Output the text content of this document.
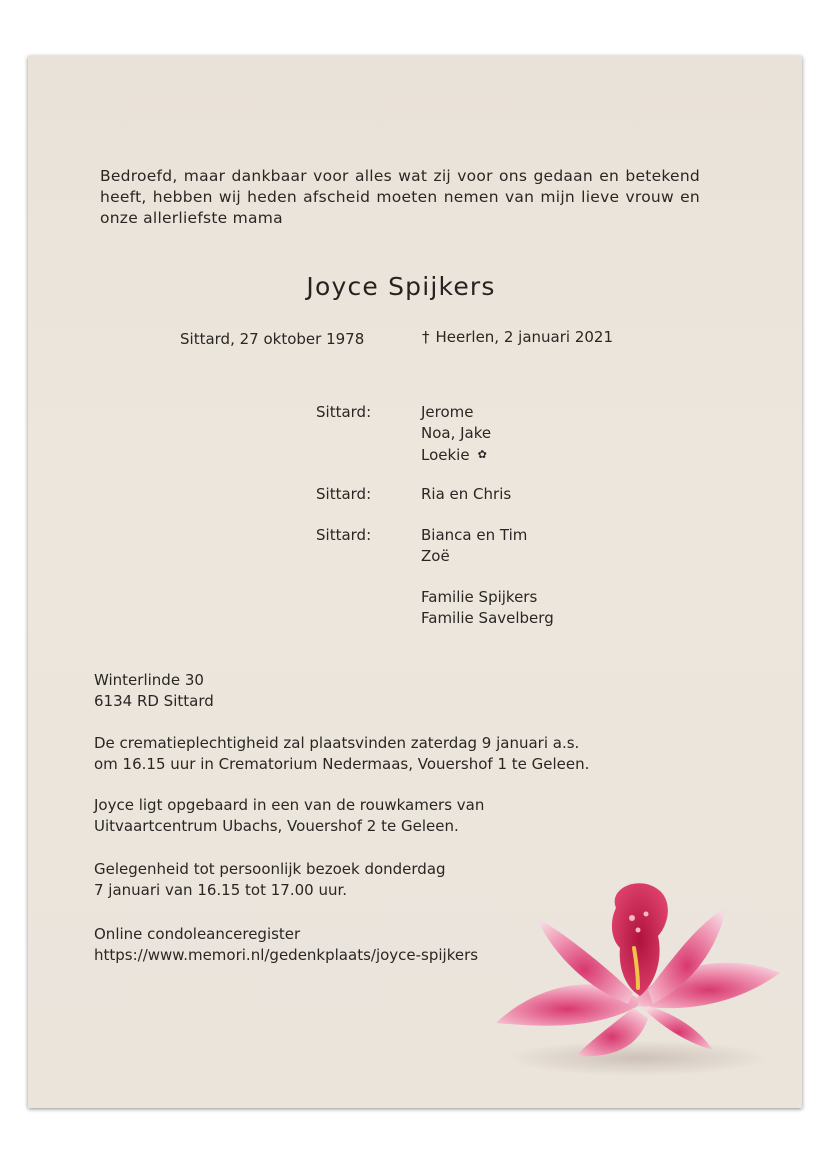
Bedroefd, maar dankbaar voor alles wat zij voor ons gedaan en betekend heeft, hebben wij heden afscheid moeten nemen van mijn lieve vrouw en onze allerliefste mama
Joyce Spijkers
Sittard, 27 oktober 1978	† Heerlen, 2 januari 2021
Sittard:	Jerome
Noa, Jake
Loekie ✿
Sittard:	Ria en Chris
Sittard:	Bianca en Tim
Zoë
Familie Spijkers
Familie Savelberg
Winterlinde 30
6134 RD Sittard
De crematieplechtigheid zal plaatsvinden zaterdag 9 januari a.s.
om 16.15 uur in Crematorium Nedermaas, Vouershof 1 te Geleen.
Joyce ligt opgebaard in een van de rouwkamers van
Uitvaartcentrum Ubachs, Vouershof 2 te Geleen.
Gelegenheid tot persoonlijk bezoek donderdag
7 januari van 16.15 tot 17.00 uur.
Online condoleanceregister
https://www.memori.nl/gedenkplaats/joyce-spijkers
